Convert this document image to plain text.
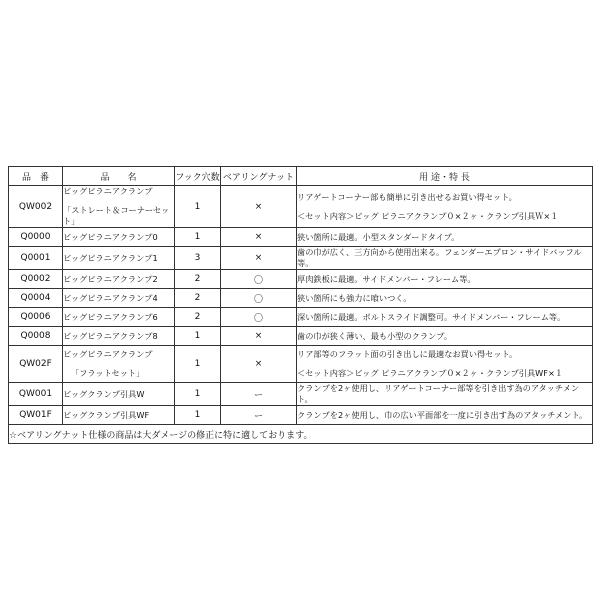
品　番	品　　名	フック穴数	ベアリングナット	用 途・特 長
QW002	ビッグピラニアクランプ
「ストレート＆コーナーセット」	1	×	リアゲートコーナー部も簡単に引き出せるお買い得セット。
＜セット内容＞ビッグ ピラニアクランプ０×２ヶ・クランプ引具Ｗ×１

Q0000	ビッグピラニアクランプ0	1	×	狭い箇所に最適。小型スタンダードタイプ。
Q0001	ビッグピラニアクランプ1	3	×	歯の巾が広く、三方向から使用出来る。フェンダーエプロン・サイドバッフル等。
Q0002	ビッグピラニアクランプ2	2	〇	厚肉鉄板に最適。サイドメンバー・フレーム等。
Q0004	ビッグピラニアクランプ4	2	〇	狭い箇所にも強力に喰いつく。
Q0006	ビッグピラニアクランプ6	2	〇	深い箇所に最適。ボルトスライド調整可。サイドメンバー・フレーム等。
Q0008	ビッグピラニアクランプ8	1	×	歯の巾が狭く薄い、最も小型のクランプ。
QW02F	ビッグピラニアクランプ
「フラットセット」	1	×	リア部等のフラット面の引き出しに最適なお買い得セット。
＜セット内容＞ビッグ ピラニアクランプ０×２ヶ・クランプ引具WF×１

QW001	ビッグクランプ引具W	1	ー	クランプを2ヶ使用し、リアゲートコーナー部等を引き出す為のアタッチメント。
QW01F	ビッグクランプ引具WF	1	ー	クランプを2ヶ使用し、巾の広い平面部を一度に引き出す為のアタッチメント。
☆ベアリングナット仕様の商品は大ダメージの修正に特に適しております。				
